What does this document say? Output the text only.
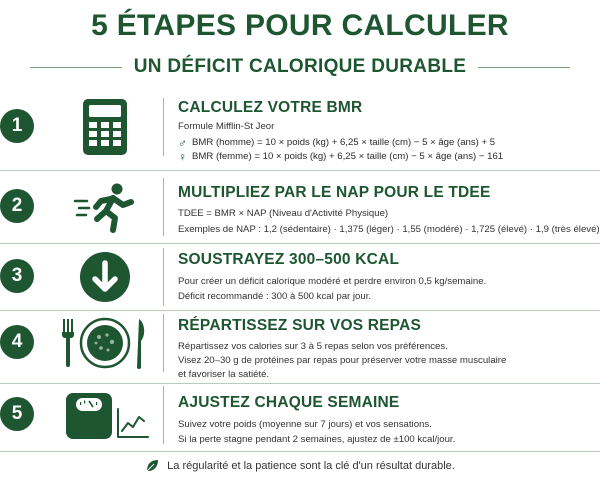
5 ÉTAPES POUR CALCULER
UN DÉFICIT CALORIQUE DURABLE
1
CALCULEZ VOTRE BMR

Formule Mifflin-St Jeor

♂ BMR (homme) = 10 × poids (kg) + 6,25 × taille (cm) − 5 × âge (ans) + 5
♀ BMR (femme) = 10 × poids (kg) + 6,25 × taille (cm) − 5 × âge (ans) − 161
2
MULTIPLIEZ PAR LE NAP POUR LE TDEE

TDEE = BMR × NAP (Niveau d'Activité Physique)

Exemples de NAP : 1,2 (sédentaire) · 1,375 (léger) · 1,55 (modéré) · 1,725 (élevé) · 1,9 (très élevé)

3
SOUSTRAYEZ 300–500 KCAL

Pour créer un déficit calorique modéré et perdre environ 0,5 kg/semaine.

Déficit recommandé : 300 à 500 kcal par jour.

4
RÉPARTISSEZ SUR VOS REPAS

Répartissez vos calories sur 3 à 5 repas selon vos préférences.

Visez 20–30 g de protéines par repas pour préserver votre masse musculaire

et favoriser la satiété.

5
AJUSTEZ CHAQUE SEMAINE

Suivez votre poids (moyenne sur 7 jours) et vos sensations.

Si la perte stagne pendant 2 semaines, ajustez de ±100 kcal/jour.

La régularité et la patience sont la clé d'un résultat durable.
